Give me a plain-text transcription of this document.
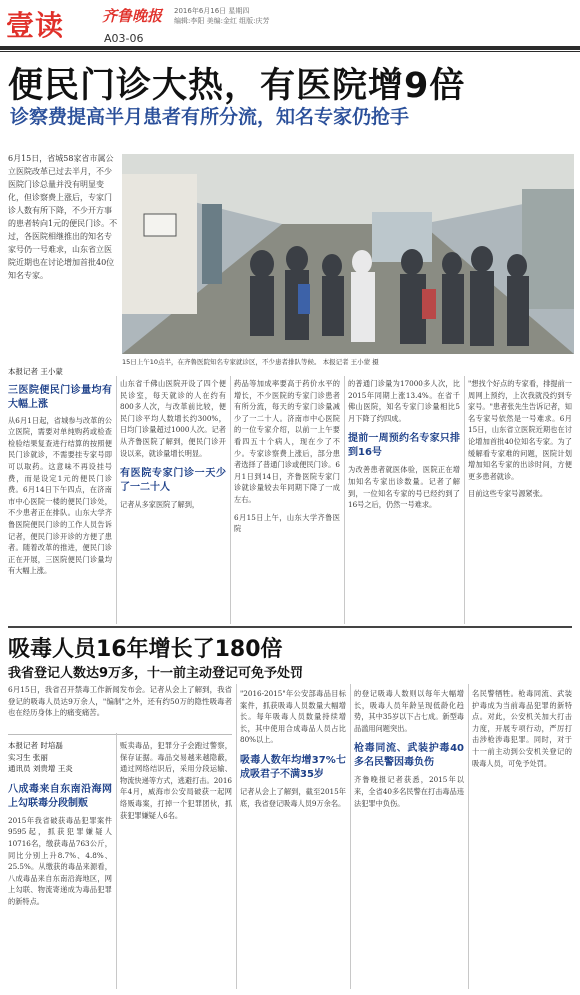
壹读	齐鲁晚报
A03-06
2016年6月16日 星期四
编辑:李阳 美编:金红 组版:庆芳
便民门诊大热，有医院增9倍
诊察费提高半月患者有所分流，知名专家仍抢手
6月15日，省城58家省市属公立医院改革已过去半月，不少医院门诊总量并没有明显变化，但诊察费上涨后，专家门诊人数有所下降，不少开方事的患者转向1元的便民门诊。不过，各医院相继推出的知名专家号仍一号难求，山东省立医院近期也在讨论增加首批40位知名专家。
15日上午10点半，在齐鲁医院知名专家就诊区，不少患者排队等候。 本报记者 王小蒙 摄
本报记者 王小蒙
三医院便民门诊量均有大幅上涨
从6月1日起，省城参与改革的公立医院，需要对单纯购药或检查检验结果复查进行结算的按照便民门诊就诊，不需要挂专家号即可以取药。这意味不再设挂号费，而是设定1元的便民门诊费。6月14日下午四点，在济南市中心医院一楼的便民门诊处，不少患者正在排队。山东大学齐鲁医院便民门诊的工作人员告诉记者，便民门诊开诊的方便了患者。随着改革的推进，便民门诊正在开展，三医院便民门诊量均有大幅上涨。
山东省千佛山医院开设了四个便民诊室，每天就诊的人在约有800多人次，与改革前比较，便民门诊平均人数增长约300%，日均门诊量超过1000人次。记者从齐鲁医院了解到，便民门诊开设以来，就诊量增长明显。
有医院专家门诊一天少了一二十人
记者从多家医院了解到，
药品等加成率要高于药价水平的增长，不少医院的专家门诊患者有所分流，每天的专家门诊量减少了一二十人。济南市中心医院的一位专家介绍，以前一上午要看四五十个病人，现在少了不少。专家诊察费上涨后，部分患者选择了普通门诊或便民门诊。6月1日到14日，齐鲁医院专家门诊就诊量较去年同期下降了一成左右。
6月15日上午，山东大学齐鲁医院
的普通门诊量为17000多人次，比2015年同期上涨13.4%。在省千佛山医院，知名专家门诊量相比5月下降了约四成。
提前一周预约名专家只排到16号
为改善患者就医体验，医院正在增加知名专家出诊数量。记者了解到，一位知名专家的号已经约到了16号之后，仍然一号难求。
"想找个好点的专家看，排提前一周网上预约，上次我就没约到专家号。"患者张先生告诉记者，知名专家号依然是一号难求。6月15日，山东省立医院近期也在讨论增加首批40位知名专家。为了缓解看专家难的问题，医院计划增加知名专家的出诊时间，方便更多患者就诊。
目前这些专家号源紧张。
吸毒人员16年增长了180倍
我省登记人数达9万多，十一前主动登记可免予处罚
6月15日，我省召开禁毒工作新闻发布会。记者从会上了解到，我省登记的吸毒人员达9万余人，"编制"之外，还有约50万的隐性吸毒者也在经历身体上的痛变痛苦。
本报记者 时培磊
实习生 张丽
通讯员 刘贵增 王炎
八成毒来自东南沿海网上勾联毒分段制贩
2015年我省破获毒品犯罪案件9595起，抓获犯罪嫌疑人10716名，缴获毒品763公斤，同比分别上升8.7%、4.8%、25.5%。从缴获的毒品来源看，八成毒品来自东南沿海地区，网上勾联、物流寄递成为毒品犯罪的新特点。
贩卖毒品，犯罪分子会跑过警察，保存证据。毒品交易越来越隐蔽，通过网络结识后，采用分段运输、物流快递等方式，逃避打击。2016年4月，威海市公安局破获一起网络贩毒案，打掉一个犯罪团伙，抓获犯罪嫌疑人6名。
"2016-2015"年公安部毒品目标案件，抓获吸毒人员数量大幅增长。每年吸毒人员数量持续增长，其中使用合成毒品人员占比80%以上。
吸毒人数年均增37%七成吸君子不满35岁
记者从会上了解到，截至2015年底，我省登记吸毒人员9万余名。
的登记吸毒人数则以每年大幅增长，吸毒人员年龄呈现低龄化趋势，其中35岁以下占七成。新型毒品滥用问题突出。
枪毒同流、武装护毒40多名民警因毒负伤
齐鲁晚报记者获悉，2015年以来，全省40多名民警在打击毒品违法犯罪中负伤。
名民警牺牲。枪毒同流、武装护毒成为当前毒品犯罪的新特点。对此，公安机关加大打击力度，开展专项行动，严厉打击涉枪涉毒犯罪。同时，对于十一前主动到公安机关登记的吸毒人员，可免予处罚。
